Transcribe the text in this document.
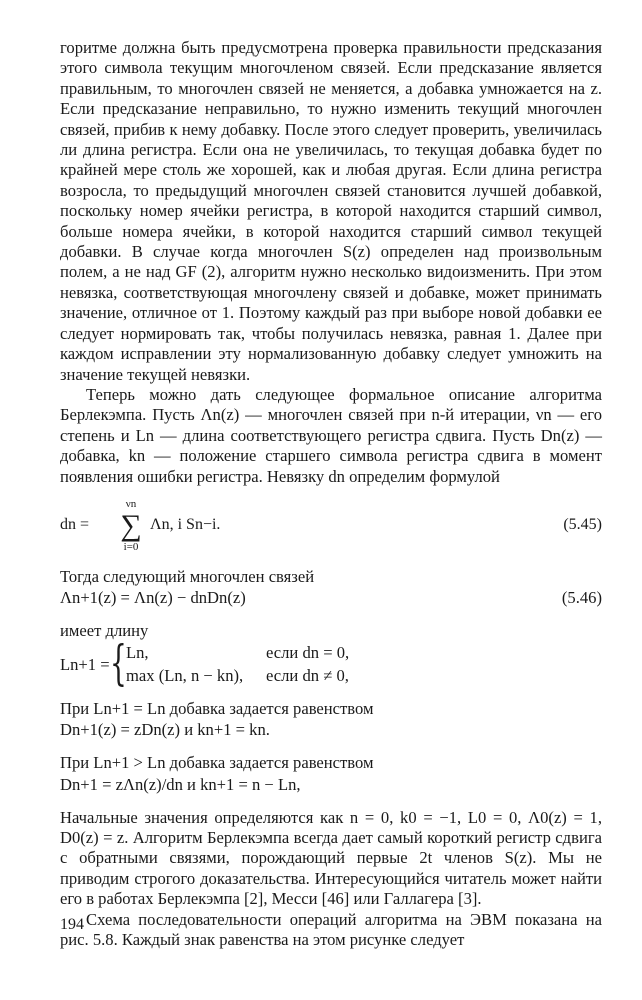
горитме должна быть предусмотрена проверка правильности предсказания этого символа текущим многочленом связей. Если предсказание является правильным, то многочлен связей не меняется, а добавка умножается на z. Если предсказание неправильно, то нужно изменить текущий многочлен связей, прибив к нему добавку. После этого следует проверить, увеличилась ли длина регистра. Если она не увеличилась, то текущая добавка будет по крайней мере столь же хорошей, как и любая другая. Если длина регистра возросла, то предыдущий многочлен связей становится лучшей добавкой, поскольку номер ячейки регистра, в которой находится старший символ, больше номера ячейки, в которой находится старший символ текущей добавки. В случае когда многочлен S(z) определен над произвольным полем, а не над GF (2), алгоритм нужно несколько видоизменить. При этом невязка, соответствующая многочлену связей и добавке, может принимать значение, отличное от 1. Поэтому каждый раз при выборе новой добавки ее следует нормировать так, чтобы получилась невязка, равная 1. Далее при каждом исправлении эту нормализованную добавку следует умножить на значение текущей невязки.

Теперь можно дать следующее формальное описание алгоритма Берлекэмпа. Пусть Λn(z) — многочлен связей при n-й итерации, νn — его степень и Ln — длина соответствующего регистра сдвига. Пусть Dn(z) — добавка, kn — положение старшего символа регистра сдвига в момент появления ошибки регистра. Невязку dn определим формулой

dn =
νn
∑
i=0
Λn, i Sn−i.	(5.45)

Тогда следующий многочлен связей

Λn+1(z) = Λn(z) − dnDn(z)	(5.46)

имеет длину

Ln+1 = { Ln,	если dn = 0,
max (Ln, n − kn), если dn ≠ 0,

При Ln+1 = Ln добавка задается равенством

Dn+1(z) = zDn(z) и kn+1 = kn.

При Ln+1 > Ln добавка задается равенством

Dn+1 = zΛn(z)/dn и kn+1 = n − Ln,

Начальные значения определяются как n = 0, k0 = −1, L0 = 0, Λ0(z) = 1, D0(z) = z. Алгоритм Берлекэмпа всегда дает самый короткий регистр сдвига с обратными связями, порождающий первые 2t членов S(z). Мы не приводим строгого доказательства. Интересующийся читатель может найти его в работах Берлекэмпа [2], Месси [46] или Галлагера [3].

Схема последовательности операций алгоритма на ЭВМ показана на рис. 5.8. Каждый знак равенства на этом рисунке следует

194
